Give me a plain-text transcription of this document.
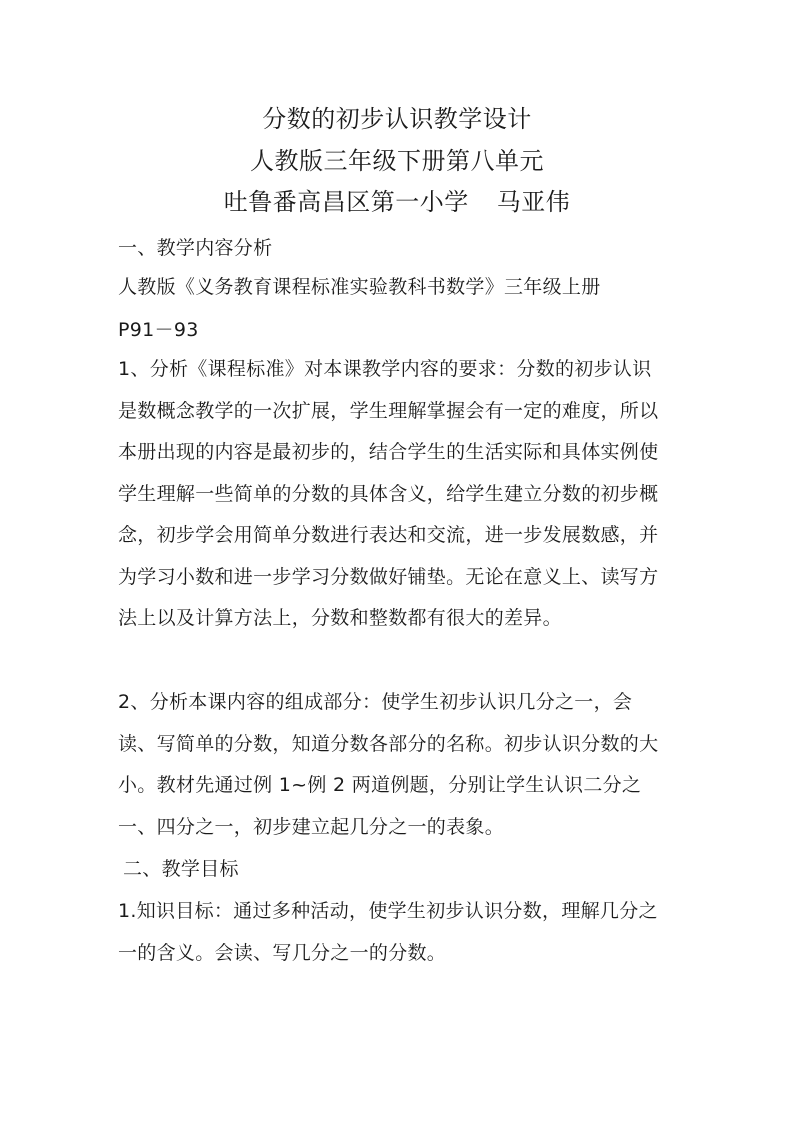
分数的初步认识教学设计
人教版三年级下册第八单元
吐鲁番高昌区第一小学 马亚伟

一、教学内容分析

人教版《义务教育课程标准实验教科书数学》三年级上册

P91－93

1、分析《课程标准》对本课教学内容的要求：分数的初步认识是数概念教学的一次扩展，学生理解掌握会有一定的难度，所以本册出现的内容是最初步的，结合学生的生活实际和具体实例使学生理解一些简单的分数的具体含义，给学生建立分数的初步概念，初步学会用简单分数进行表达和交流，进一步发展数感，并为学习小数和进一步学习分数做好铺垫。无论在意义上、读写方法上以及计算方法上，分数和整数都有很大的差异。

2、分析本课内容的组成部分：使学生初步认识几分之一，会读、写简单的分数，知道分数各部分的名称。初步认识分数的大小。教材先通过例 1~例 2 两道例题，分别让学生认识二分之一、四分之一，初步建立起几分之一的表象。

二、教学目标

1.知识目标：通过多种活动，使学生初步认识分数，理解几分之一的含义。会读、写几分之一的分数。
